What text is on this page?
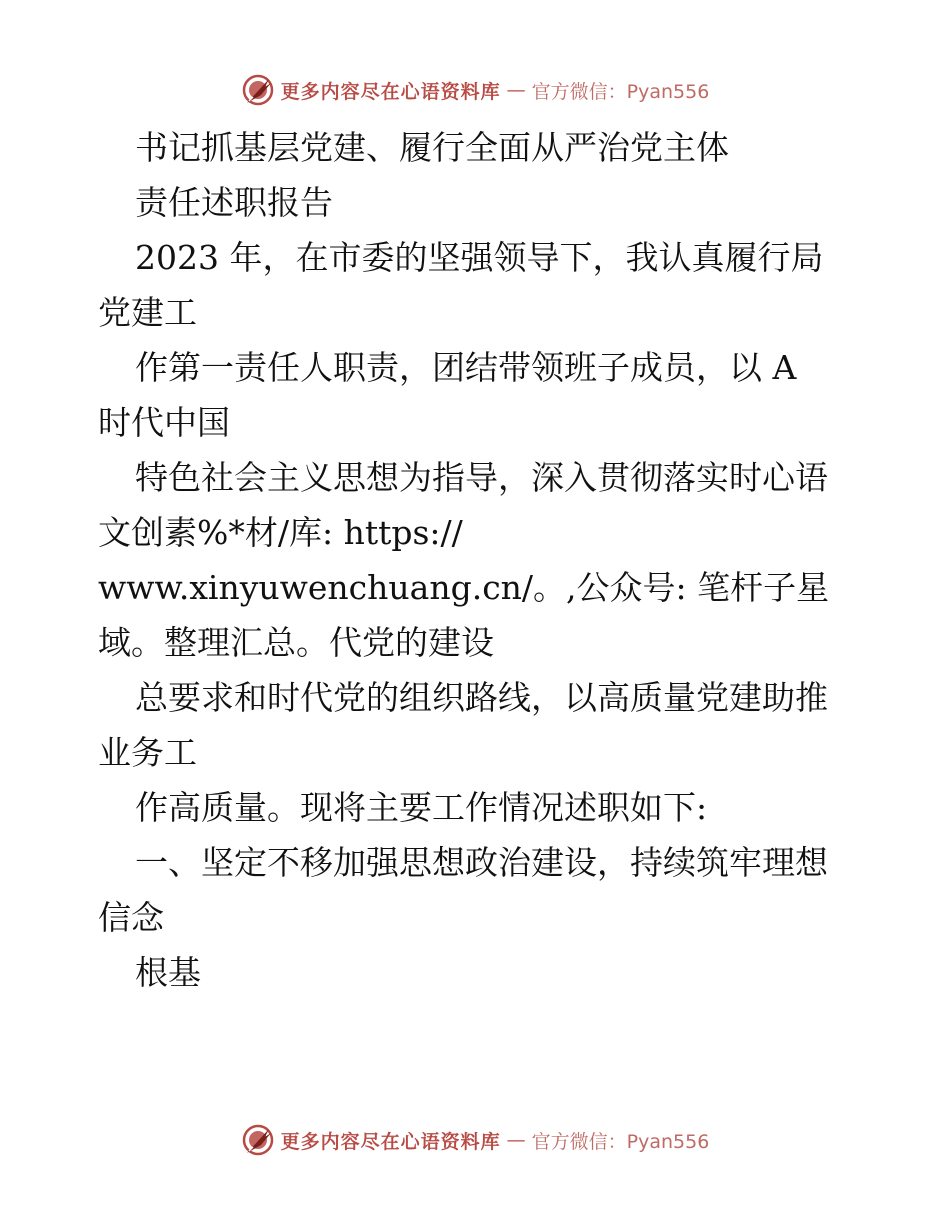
更多内容尽在心语资料库 — 官方微信：Pyan556
书记抓基层党建、履行全面从严治党主体
责任述职报告
2023 年，在市委的坚强领导下，我认真履行局
党建工
作第一责任人职责，团结带领班子成员，以 A
时代中国
特色社会主义思想为指导，深入贯彻落实时心语
文创素%*材/库: https://
www.xinyuwenchuang.cn/。,公众号: 笔杆子星
域。整理汇总。代党的建设
总要求和时代党的组织路线，以高质量党建助推
业务工
作高质量。现将主要工作情况述职如下:
一、坚定不移加强思想政治建设，持续筑牢理想
信念
根基
更多内容尽在心语资料库 — 官方微信：Pyan556
